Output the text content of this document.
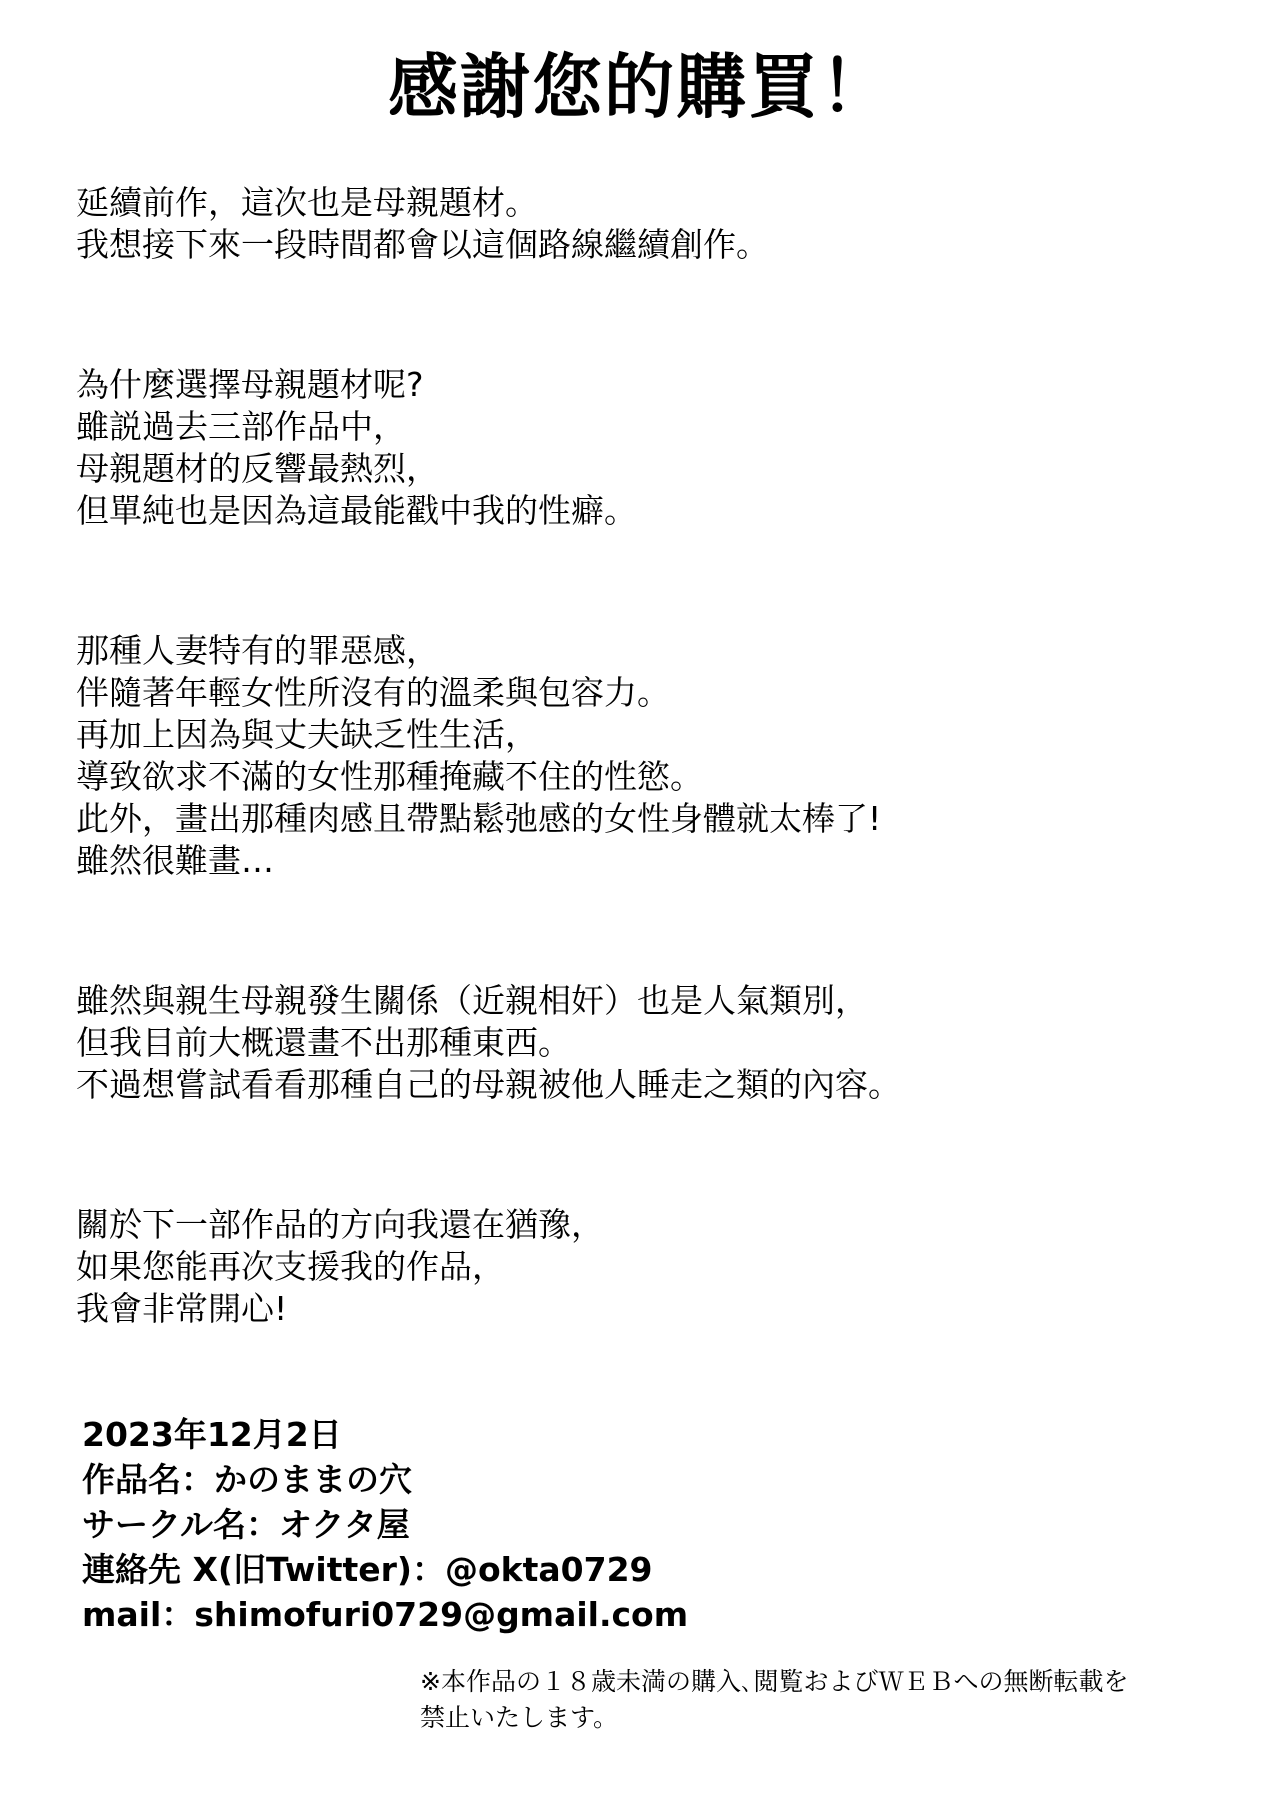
感謝您的購買！

延續前作，這次也是母親題材。
我想接下來一段時間都會以這個路線繼續創作。

為什麼選擇母親題材呢?
雖説過去三部作品中，
母親題材的反響最熱烈，
但單純也是因為這最能戳中我的性癖。

那種人妻特有的罪惡感，
伴隨著年輕女性所沒有的溫柔與包容力。
再加上因為與丈夫缺乏性生活，
導致欲求不滿的女性那種掩藏不住的性慾。
此外，畫出那種肉感且帶點鬆弛感的女性身體就太棒了!
雖然很難畫…

雖然與親生母親發生關係（近親相奸）也是人氣類別，
但我目前大概還畫不出那種東西。
不過想嘗試看看那種自己的母親被他人睡走之類的內容。

關於下一部作品的方向我還在猶豫，
如果您能再次支援我的作品，
我會非常開心!

2023年12月2日
作品名：かのままの穴
サークル名：オクタ屋
連絡先 X(旧Twitter)：@okta0729
mail：shimofuri0729@gmail.com
※本作品の１８歳未満の購入､閲覧およびＷＥＢへの無断転載を
禁止いたします。
